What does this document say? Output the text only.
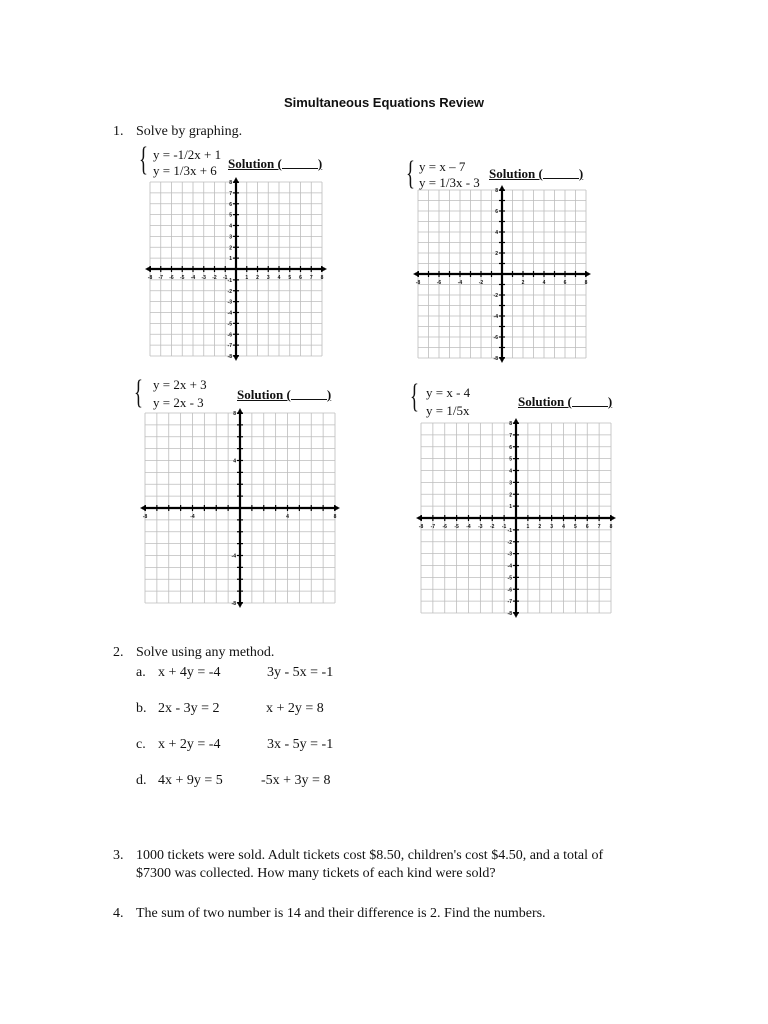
Simultaneous Equations Review
1. Solve by graphing.
{ y = -1/2x + 1
y = 1/3x + 6 Solution (	)
-8
-8
-7
-7
-6
-6
-5
-5
-4
-4
-3
-3
-2
-2
-1 -1	1
1
2
2
3
3
4
4
5
5
6
6
7
7
8
8	{ y = x – 7
y = 1/3x - 3
Solution (	)
-8
-8
-6
-6
-4
-4
-2
-2
2
2
4
4
6
6
8
8
{ y = 2x + 3
y = 2x - 3
Solution (	)
-8
-8
-4
-4
4
4
8
8	{ y = x - 4
y = 1/5x
Solution (	)
-8
-8
-7
-7
-6
-6
-5
-5
-4
-4
-3
-3
-2
-2
-1
-1
1
1
2
2
3
3
4
4
5
5
6
6
7
7
8
8
2. Solve using any method.
a. x + 4y = -4	3y - 5x = -1
b. 2x - 3y = 2	x + 2y = 8
c. x + 2y = -4	3x - 5y = -1
d. 4x + 9y = 5	-5x + 3y = 8
3. 1000 tickets were sold. Adult tickets cost $8.50, children's cost $4.50, and a total of
$7300 was collected. How many tickets of each kind were sold?
4. The sum of two number is 14 and their difference is 2. Find the numbers.
